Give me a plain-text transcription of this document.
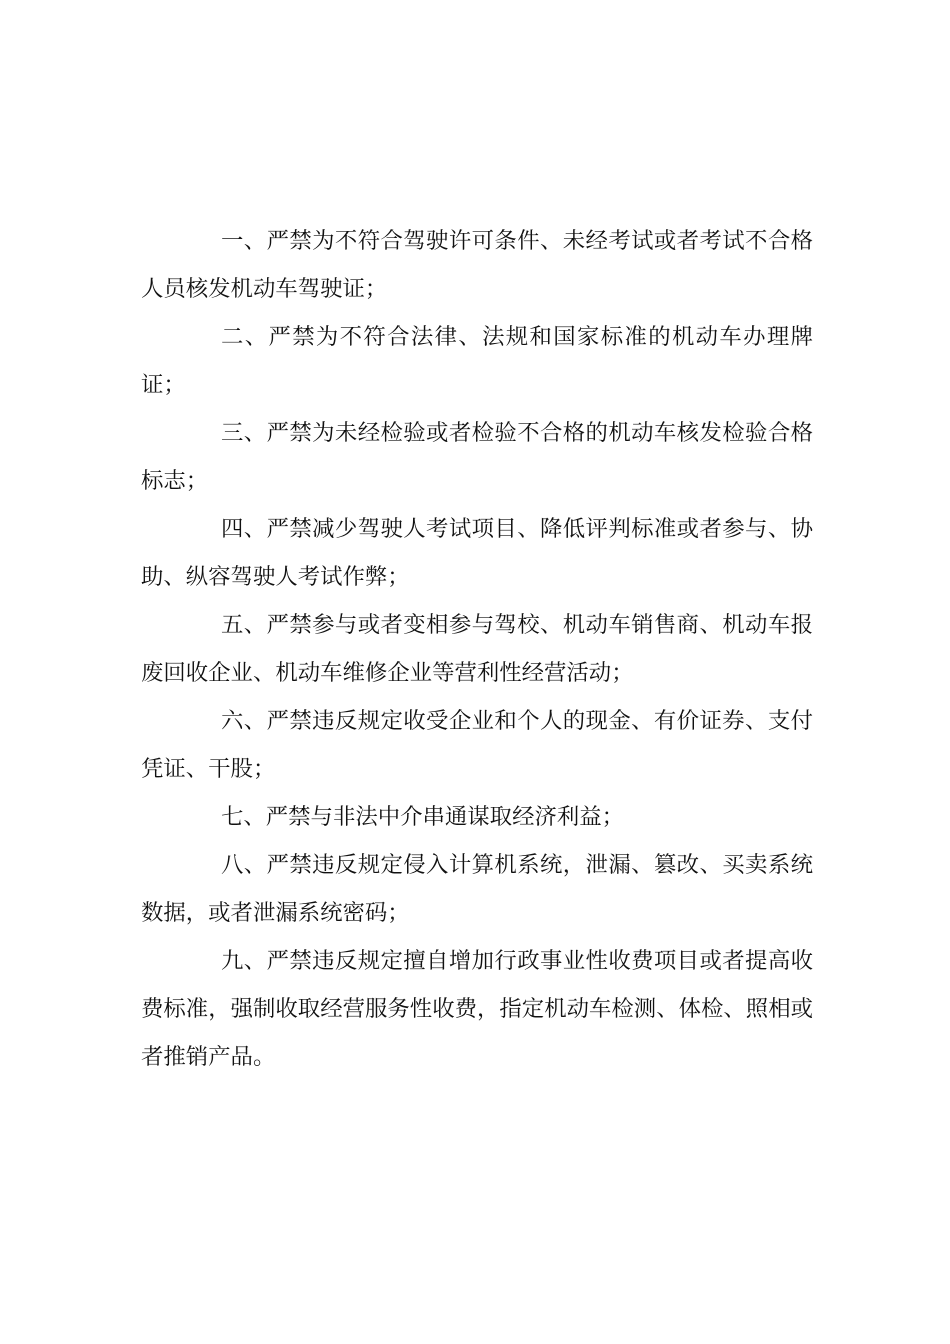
一、严禁为不符合驾驶许可条件、未经考试或者考试不合格人员核发机动车驾驶证；

二、严禁为不符合法律、法规和国家标准的机动车办理牌证；

三、严禁为未经检验或者检验不合格的机动车核发检验合格标志；

四、严禁减少驾驶人考试项目、降低评判标准或者参与、协助、纵容驾驶人考试作弊；

五、严禁参与或者变相参与驾校、机动车销售商、机动车报废回收企业、机动车维修企业等营利性经营活动；

六、严禁违反规定收受企业和个人的现金、有价证券、支付凭证、干股；

七、严禁与非法中介串通谋取经济利益；

八、严禁违反规定侵入计算机系统，泄漏、篡改、买卖系统数据，或者泄漏系统密码；

九、严禁违反规定擅自增加行政事业性收费项目或者提高收费标准，强制收取经营服务性收费，指定机动车检测、体检、照相或者推销产品。
